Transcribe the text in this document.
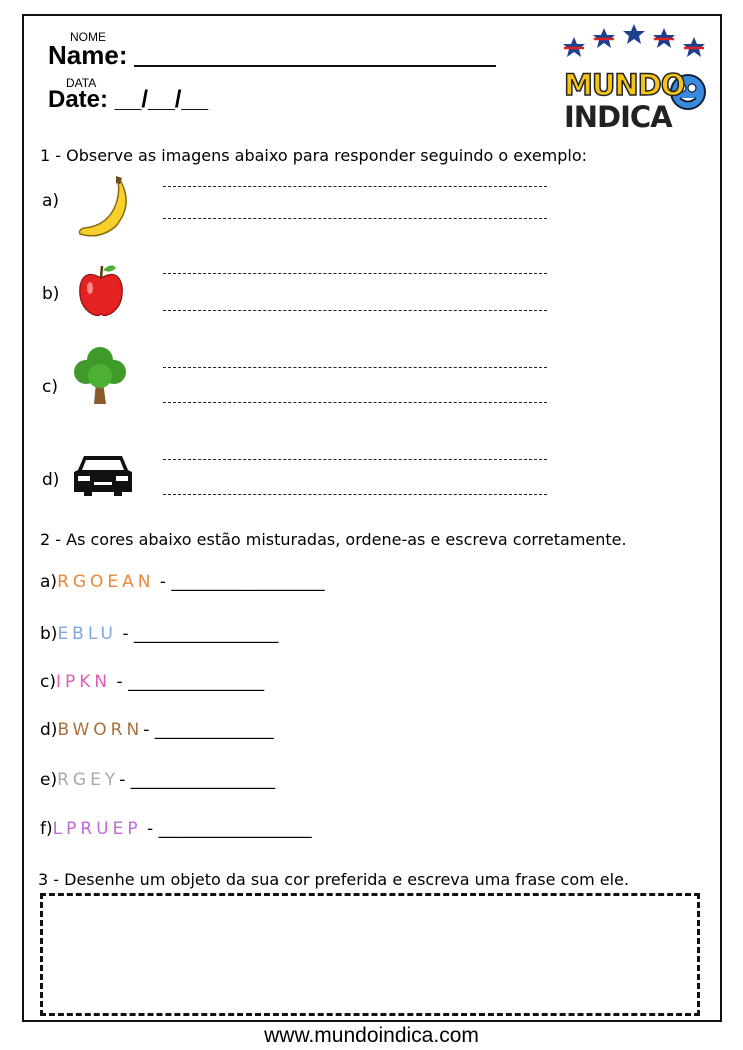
NOME
Name:
DATA
Date: __/__/__	MUNDO
INDICA
1 - Observe as imagens abaixo para responder seguindo o exemplo:
a)
b)
c)
d)
2 - As cores abaixo estão misturadas, ordene-as e escreva corretamente.
a)RGOEAN - __________________
b)EBLU - _________________
c)IPKN - ________________
d)BWORN- ______________
e)RGEY- _________________
f)LPRUEP - __________________
3 - Desenhe um objeto da sua cor preferida e escreva uma frase com ele.
www.mundoindica.com
